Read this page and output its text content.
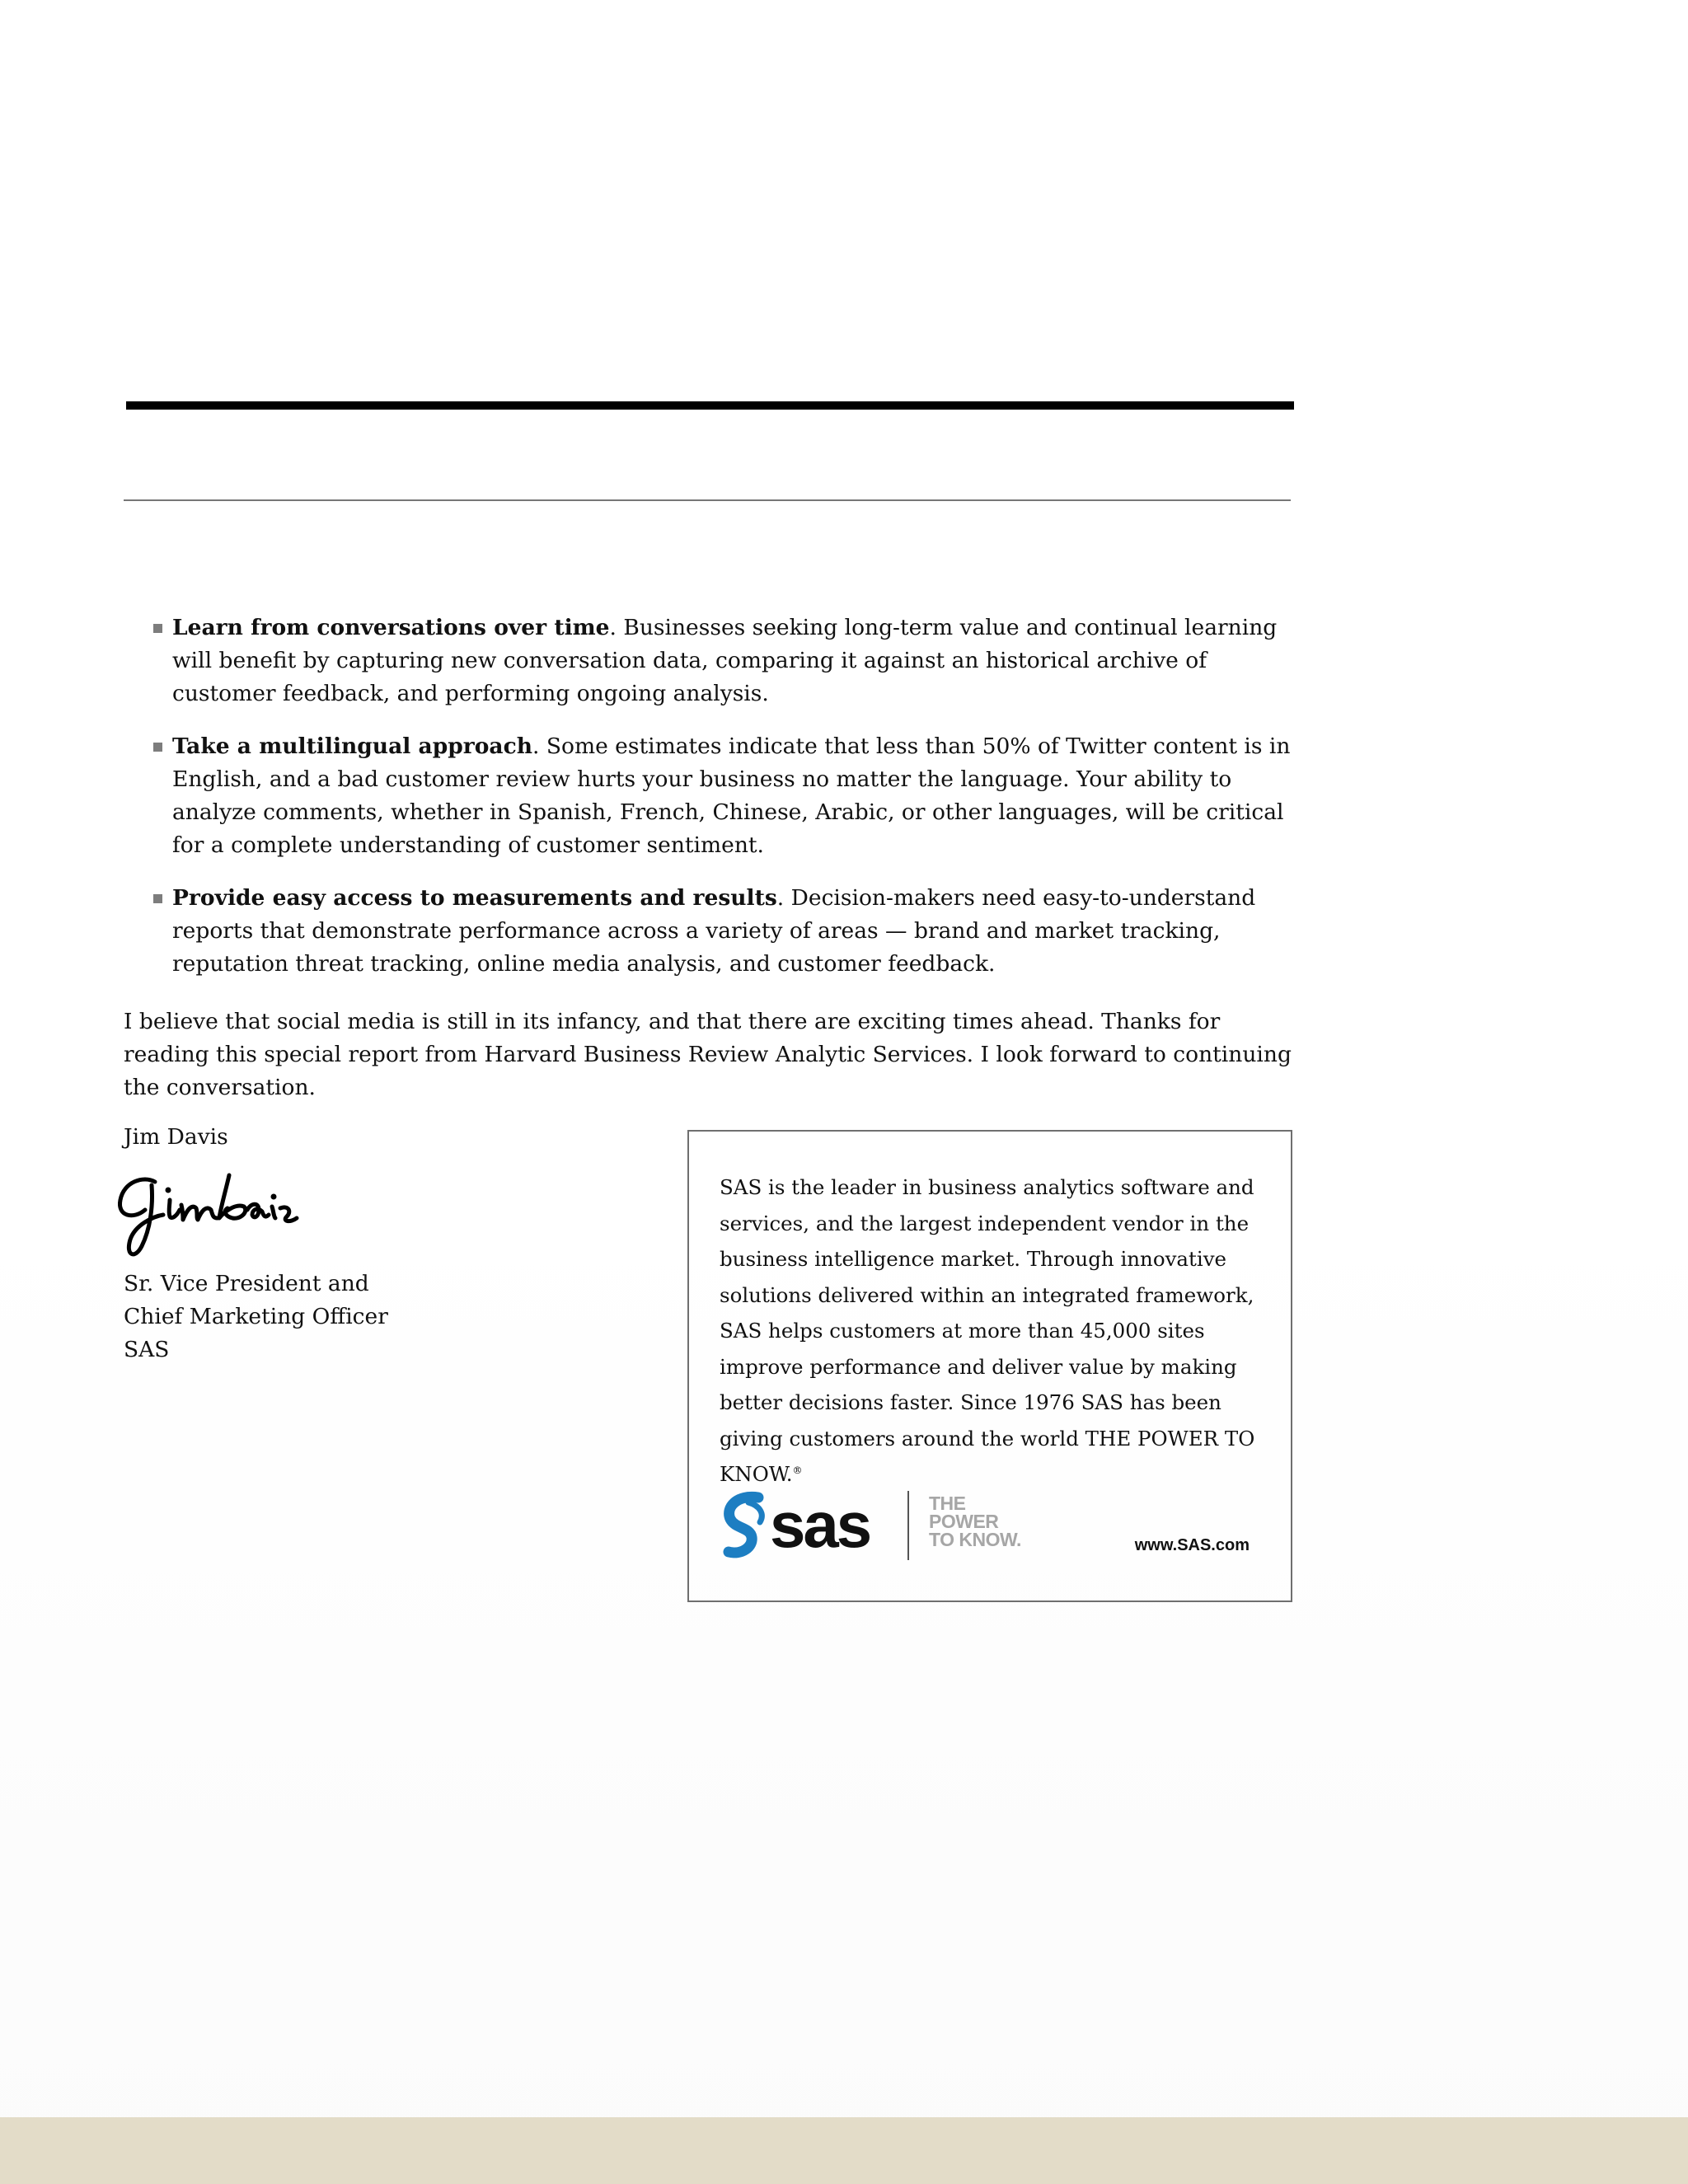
Learn from conversations over time. Businesses seeking long-term value and continual learning will benefit by capturing new conversation data, comparing it against an historical archive of customer feedback, and performing ongoing analysis.
Take a multilingual approach. Some estimates indicate that less than 50% of Twitter content is in English, and a bad customer review hurts your business no matter the language. Your ability to analyze comments, whether in Spanish, French, Chinese, Arabic, or other languages, will be critical for a complete understanding of customer sentiment.
Provide easy access to measurements and results. Decision-makers need easy-to-understand reports that demonstrate performance across a variety of areas — brand and market tracking, reputation threat tracking, online media analysis, and customer feedback.

I believe that social media is still in its infancy, and that there are exciting times ahead. Thanks for reading this special report from Harvard Business Review Analytic Services. I look forward to continuing the conversation.

Jim Davis
Sr. Vice President and
Chief Marketing Officer
SAS

SAS is the leader in business analytics software and services, and the largest independent vendor in the business intelligence market. Through innovative solutions delivered within an integrated framework, SAS helps customers at more than 45,000 sites improve performance and deliver value by making better decisions faster. Since 1976 SAS has been giving customers around the world THE POWER TO KNOW.®

sas	THE
POWER
TO KNOW.	www.SAS.com
